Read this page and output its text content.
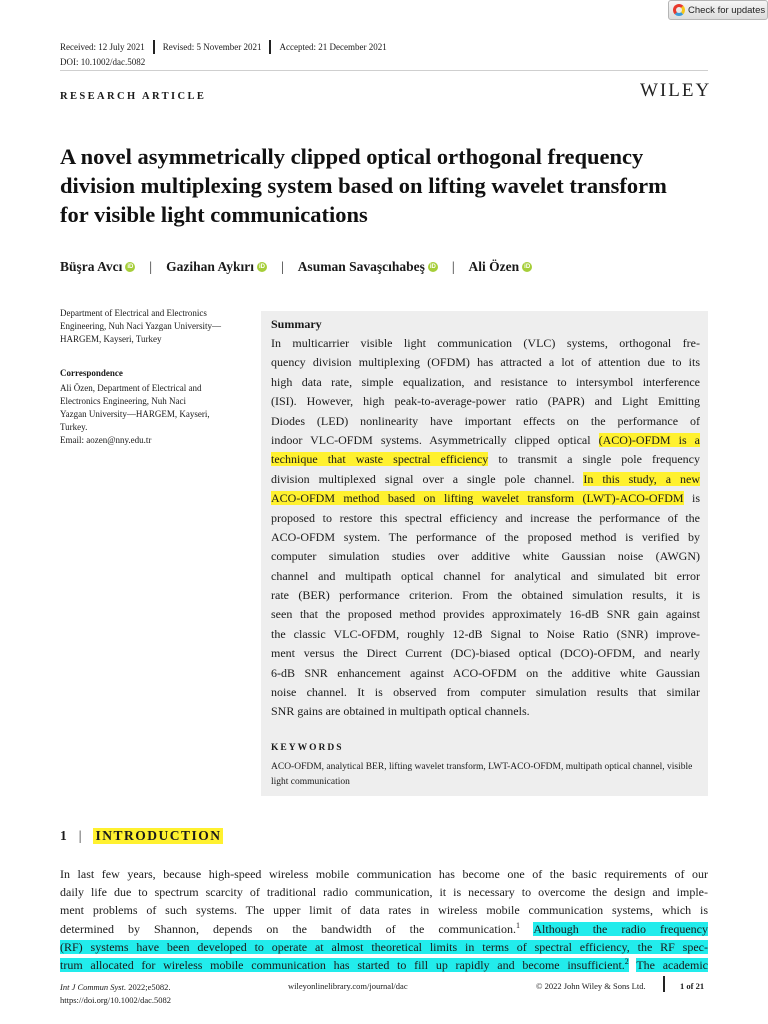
Check for updates
Received: 12 July 2021 Revised: 5 November 2021 Accepted: 21 December 2021
DOI: 10.1002/dac.5082
RESEARCH ARTICLE	WILEY
A novel asymmetrically clipped optical orthogonal frequency division multiplexing system based on lifting wavelet transform for visible light communications
Büşra Avcı iD | Gazihan Aykırı iD | Asuman Savaşcıhabeş iD | Ali Özen iD
Department of Electrical and Electronics Engineering, Nuh Naci Yazgan University—HARGEM, Kayseri, Turkey
Correspondence
Ali Özen, Department of Electrical and
Electronics Engineering, Nuh Naci
Yazgan University—HARGEM, Kayseri,
Turkey.
Email: aozen@nny.edu.tr
Summary
In multicarrier visible light communication (VLC) systems, orthogonal fre-
quency division multiplexing (OFDM) has attracted a lot of attention due to its
high data rate, simple equalization, and resistance to intersymbol interference
(ISI). However, high peak-to-average-power ratio (PAPR) and Light Emitting
Diodes (LED) nonlinearity have important effects on the performance of
indoor VLC-OFDM systems. Asymmetrically clipped optical (ACO)-OFDM is a
technique that waste spectral efficiency to transmit a single pole frequency
division multiplexed signal over a single pole channel. In this study, a new
ACO-OFDM method based on lifting wavelet transform (LWT)-ACO-OFDM is
proposed to restore this spectral efficiency and increase the performance of the
ACO-OFDM system. The performance of the proposed method is verified by
computer simulation studies over additive white Gaussian noise (AWGN)
channel and multipath optical channel for analytical and simulated bit error
rate (BER) performance criterion. From the obtained simulation results, it is
seen that the proposed method provides approximately 16-dB SNR gain against
the classic VLC-OFDM, roughly 12-dB Signal to Noise Ratio (SNR) improve-
ment versus the Direct Current (DC)-biased optical (DCO)-OFDM, and nearly
6-dB SNR enhancement against ACO-OFDM on the additive white Gaussian
noise channel. It is observed from computer simulation results that similar
SNR gains are obtained in multipath optical channels.
KEYWORDS
ACO-OFDM, analytical BER, lifting wavelet transform, LWT-ACO-OFDM, multipath optical channel, visible light communication
1 | INTRODUCTION
In last few years, because high-speed wireless mobile communication has become one of the basic requirements of our
daily life due to spectrum scarcity of traditional radio communication, it is necessary to overcome the design and imple-
ment problems of such systems. The upper limit of data rates in wireless mobile communication systems, which is
determined by Shannon, depends on the bandwidth of the communication.$^1$ Although the radio frequency
(RF) systems have been developed to operate at almost theoretical limits in terms of spectral efficiency, the RF spec-
trum allocated for wireless mobile communication has started to fill up rapidly and become insufficient.$^2$ The academic
Int J Commun Syst. 2022;e5082.
https://doi.org/10.1002/dac.5082
wileyonlinelibrary.com/journal/dac	© 2022 John Wiley & Sons Ltd.	1 of 21
